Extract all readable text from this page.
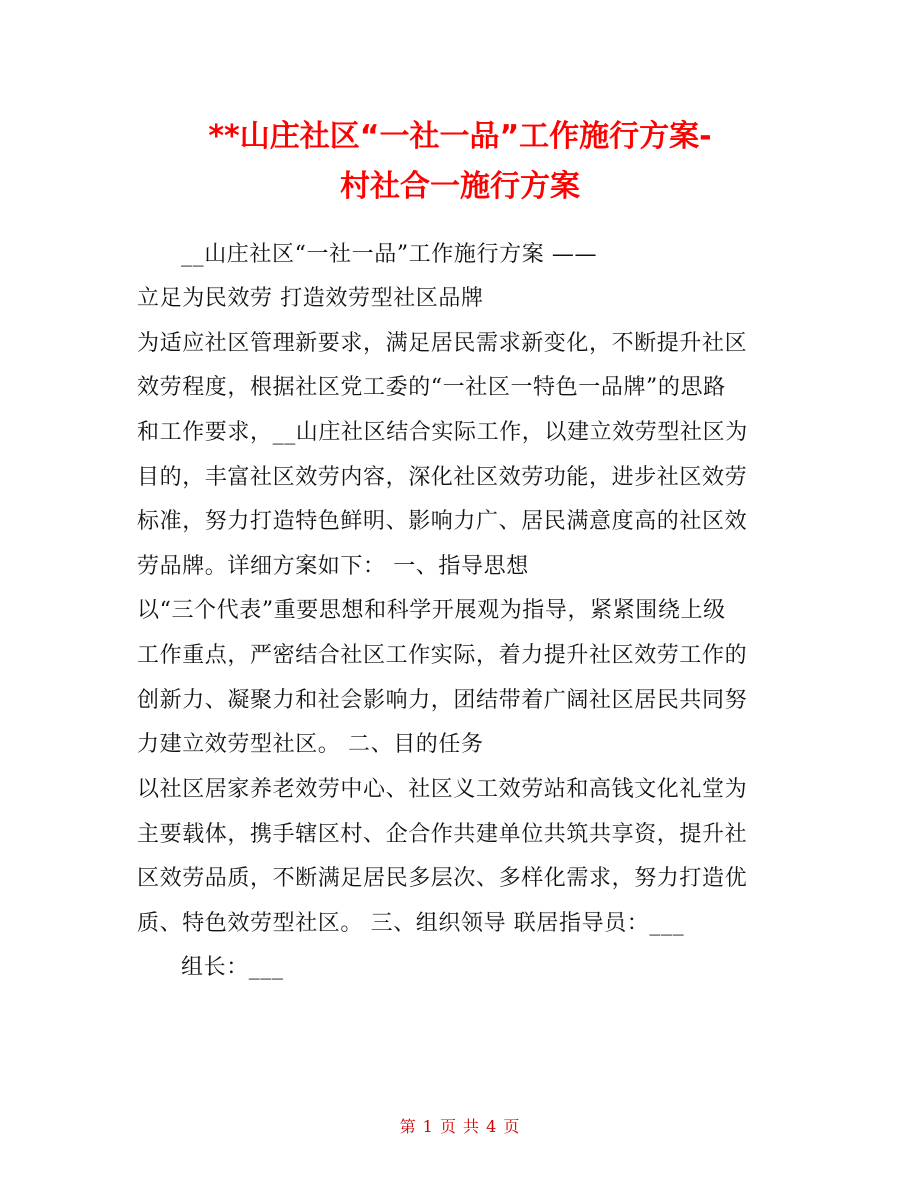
**山庄社区“一社一品”工作施行方案-
村社合一施行方案
__山庄社区“一社一品”工作施行方案 ——
立足为民效劳 打造效劳型社区品牌
为适应社区管理新要求，满足居民需求新变化，不断提升社区
效劳程度，根据社区党工委的“一社区一特色一品牌”的思路
和工作要求，__山庄社区结合实际工作，以建立效劳型社区为
目的，丰富社区效劳内容，深化社区效劳功能，进步社区效劳
标准，努力打造特色鲜明、影响力广、居民满意度高的社区效
劳品牌。详细方案如下： 一、指导思想
以“三个代表”重要思想和科学开展观为指导，紧紧围绕上级
工作重点，严密结合社区工作实际，着力提升社区效劳工作的
创新力、凝聚力和社会影响力，团结带着广阔社区居民共同努
力建立效劳型社区。 二、目的任务
以社区居家养老效劳中心、社区义工效劳站和高钱文化礼堂为
主要载体，携手辖区村、企合作共建单位共筑共享资，提升社
区效劳品质，不断满足居民多层次、多样化需求，努力打造优
质、特色效劳型社区。 三、组织领导 联居指导员：___
组长：___
第 1 页 共 4 页
